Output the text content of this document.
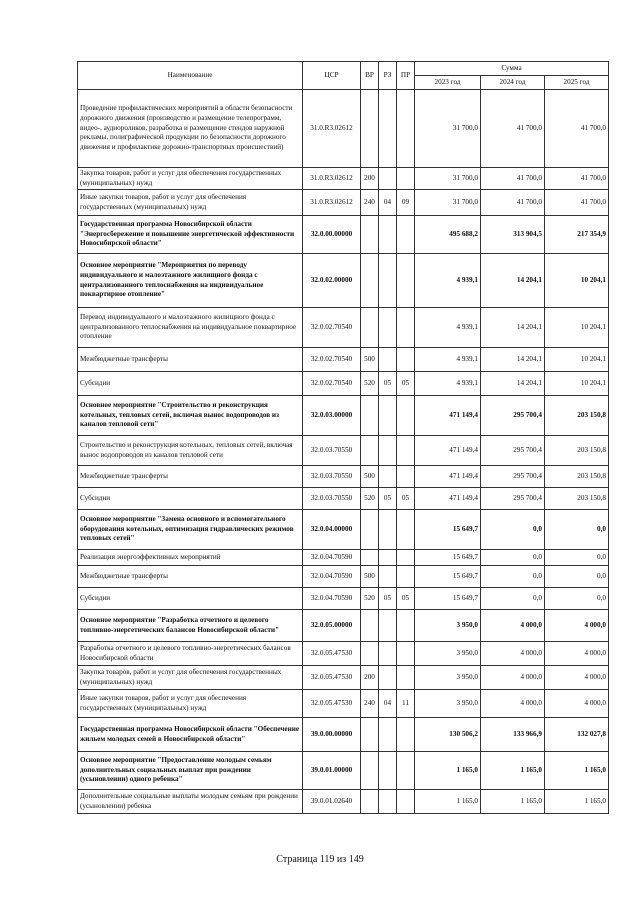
Наименование	ЦСР	ВР	РЗ	ПР	Сумма		
					2023 год	2024 год	2025 год
Проведение профилактических мероприятий в области безопасности дорожного движения (производство и размещение телепрограмм, видео-, аудиороликов, разработка и размещение стендов наружной рекламы, полиграфической продукции по безопасности дорожного движения и профилактике дорожно-транспортных происшествий)	31.0.R3.02612				31 700,0	41 700,0	41 700,0
Закупка товаров, работ и услуг для обеспечения государственных (муниципальных) нужд	31.0.R3.02612	200			31 700,0	41 700,0	41 700,0
Иные закупки товаров, работ и услуг для обеспечения государственных (муниципальных) нужд	31.0.R3.02612	240	04	09	31 700,0	41 700,0	41 700,0
Государственная программа Новосибирской области "Энергосбережение и повышение энергетической эффективности Новосибирской области"	32.0.00.00000				495 688,2	313 904,5	217 354,9
Основное мероприятие "Мероприятия по переводу индивидуального и малоэтажного жилищного фонда с централизованного теплоснабжения на индивидуальное поквартирное отопление"	32.0.02.00000				4 939,1	14 204,1	10 204,1
Перевод индивидуального и малоэтажного жилищного фонда с централизованного теплоснабжения на индивидуальное поквартирное отопление	32.0.02.70540				4 939,1	14 204,1	10 204,1
Межбюджетные трансферты	32.0.02.70540	500			4 939,1	14 204,1	10 204,1
Субсидии	32.0.02.70540	520	05	05	4 939,1	14 204,1	10 204,1
Основное мероприятие "Строительство и реконструкция котельных, тепловых сетей, включая вынос водопроводов из каналов тепловой сети"	32.0.03.00000				471 149,4	295 700,4	203 150,8
Строительство и реконструкция котельных, тепловых сетей, включая вынос водопроводов из каналов тепловой сети	32.0.03.70550				471 149,4	295 700,4	203 150,8
Межбюджетные трансферты	32.0.03.70550	500			471 149,4	295 700,4	203 150,8
Субсидии	32.0.03.70550	520	05	05	471 149,4	295 700,4	203 150,8
Основное мероприятие "Замена основного и вспомогательного оборудования котельных, оптимизация гидравлических режимов тепловых сетей"	32.0.04.00000				15 649,7	0,0	0,0
Реализация энергоэффективных мероприятий	32.0.04.70590				15 649,7	0,0	0,0
Межбюджетные трансферты	32.0.04.70590	500			15 649,7	0,0	0,0
Субсидии	32.0.04.70590	520	05	05	15 649,7	0,0	0,0
Основное мероприятие "Разработка отчетного и целевого топливно-энергетических балансов Новосибирской области"	32.0.05.00000				3 950,0	4 000,0	4 000,0
Разработка отчетного и целевого топливно-энергетических балансов Новосибирской области	32.0.05.47530				3 950,0	4 000,0	4 000,0
Закупка товаров, работ и услуг для обеспечения государственных (муниципальных) нужд	32.0.05.47530	200			3 950,0	4 000,0	4 000,0
Иные закупки товаров, работ и услуг для обеспечения государственных (муниципальных) нужд	32.0.05.47530	240	04	11	3 950,0	4 000,0	4 000,0
Государственная программа Новосибирской области "Обеспечение жильем молодых семей в Новосибирской области"	39.0.00.00000				130 506,2	133 966,9	132 027,8
Основное мероприятие "Предоставление молодым семьям дополнительных социальных выплат при рождении (усыновлении) одного ребенка"	39.0.01.00000				1 165,0	1 165,0	1 165,0
Дополнительные социальные выплаты молодым семьям при рождении (усыновлении) ребенка	39.0.01.02640				1 165,0	1 165,0	1 165,0
Страница 119 из 149
